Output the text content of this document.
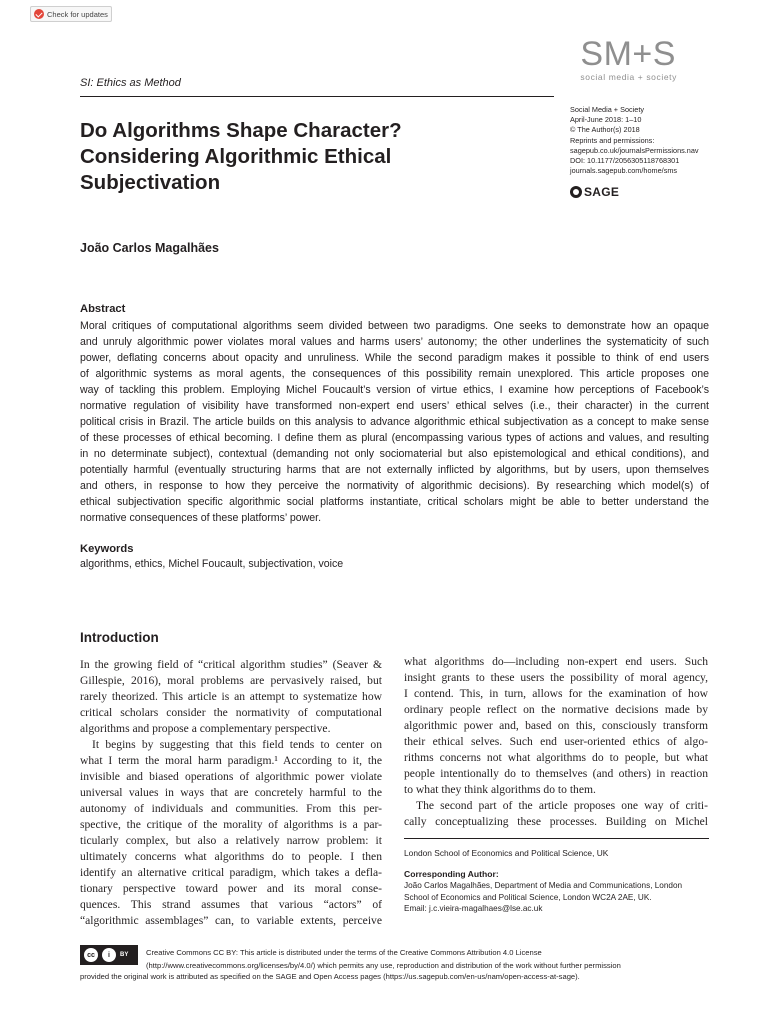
Check for updates
SM+S
social media + society
SI: Ethics as Method
Do Algorithms Shape Character?
Considering Algorithmic Ethical
Subjectivation
Social Media + Society
April-June 2018: 1–10
© The Author(s) 2018
Reprints and permissions:
sagepub.co.uk/journalsPermissions.nav
DOI: 10.1177/2056305118768301
journals.sagepub.com/home/sms
SAGE
João Carlos Magalhães
Abstract
Moral critiques of computational algorithms seem divided between two paradigms. One seeks to demonstrate how an opaque
and unruly algorithmic power violates moral values and harms users’ autonomy; the other underlines the systematicity of such
power, deflating concerns about opacity and unruliness. While the second paradigm makes it possible to think of end users
of algorithmic systems as moral agents, the consequences of this possibility remain unexplored. This article proposes one
way of tackling this problem. Employing Michel Foucault’s version of virtue ethics, I examine how perceptions of Facebook’s
normative regulation of visibility have transformed non-expert end users’ ethical selves (i.e., their character) in the current
political crisis in Brazil. The article builds on this analysis to advance algorithmic ethical subjectivation as a concept to make sense
of these processes of ethical becoming. I define them as plural (encompassing various types of actions and values, and resulting
in no determinate subject), contextual (demanding not only sociomaterial but also epistemological and ethical conditions), and
potentially harmful (eventually structuring harms that are not externally inflicted by algorithms, but by users, upon themselves
and others, in response to how they perceive the normativity of algorithmic decisions). By researching which model(s) of
ethical subjectivation specific algorithmic social platforms instantiate, critical scholars might be able to better understand the
normative consequences of these platforms’ power.
Keywords
algorithms, ethics, Michel Foucault, subjectivation, voice
Introduction
In the growing field of “critical algorithm studies” (Seaver &
Gillespie, 2016), moral problems are pervasively raised, but
rarely theorized. This article is an attempt to systematize how
critical scholars consider the normativity of computational
algorithms and propose a complementary perspective.
It begins by suggesting that this field tends to center on
what I term the moral harm paradigm.¹ According to it, the
invisible and biased operations of algorithmic power violate
universal values in ways that are concretely harmful to the
autonomy of individuals and communities. From this per-
spective, the critique of the morality of algorithms is a par-
ticularly complex, but also a relatively narrow problem: it
ultimately concerns what algorithms do to people. I then
identify an alternative critical paradigm, which takes a defla-
tionary perspective toward power and its moral conse-
quences. This strand assumes that various “actors” of
“algorithmic assemblages” can, to variable extents, perceive
what algorithms do—including non-expert end users. Such
insight grants to these users the possibility of moral agency,
I contend. This, in turn, allows for the examination of how
ordinary people reflect on the normative decisions made by
algorithmic power and, based on this, consciously transform
their ethical selves. Such end user-oriented ethics of algo-
rithms concerns not what algorithms do to people, but what
people intentionally do to themselves (and others) in reaction
to what they think algorithms do to them.
The second part of the article proposes one way of criti-
cally conceptualizing these processes. Building on Michel
London School of Economics and Political Science, UK
Corresponding Author:
João Carlos Magalhães, Department of Media and Communications, London
School of Economics and Political Science, London WC2A 2AE, UK.
Email: j.c.vieira-magalhaes@lse.ac.uk
cc	i	BY Creative Commons CC BY: This article is distributed under the terms of the Creative Commons Attribution 4.0 License
(http://www.creativecommons.org/licenses/by/4.0/) which permits any use, reproduction and distribution of the work without further permission
provided the original work is attributed as specified on the SAGE and Open Access pages (https://us.sagepub.com/en-us/nam/open-access-at-sage).
